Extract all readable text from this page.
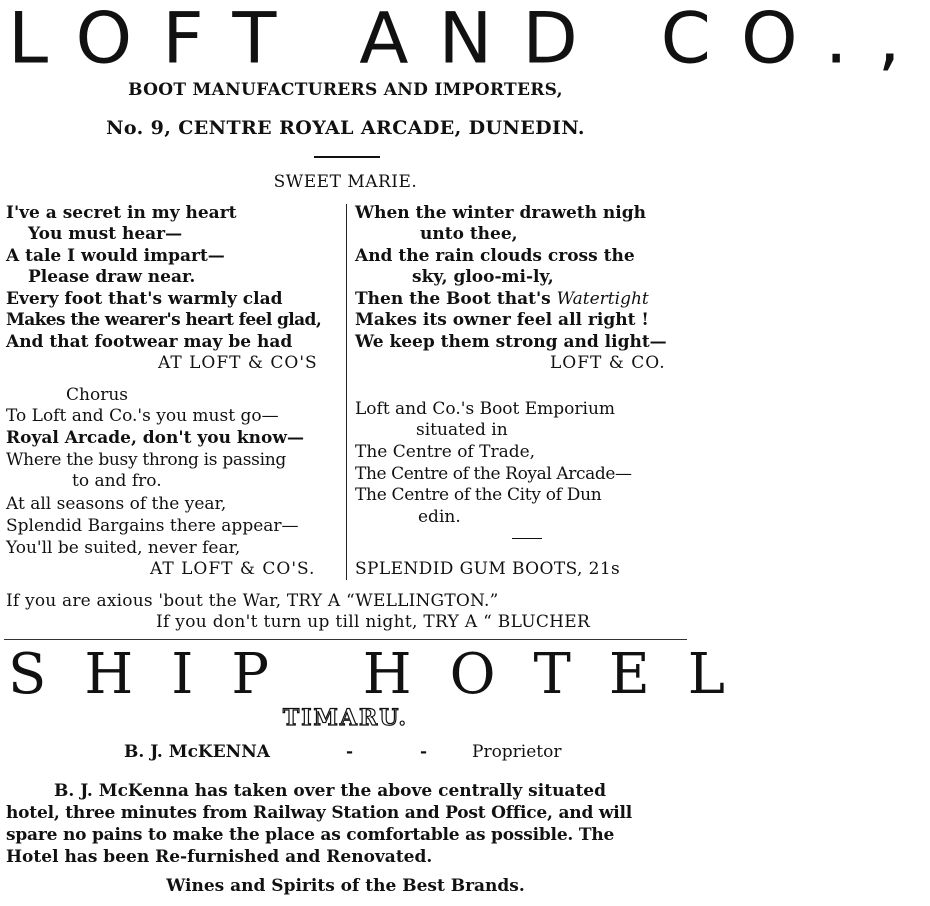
LOFT AND CO.,
BOOT MANUFACTURERS AND IMPORTERS,
No. 9, CENTRE ROYAL ARCADE, DUNEDIN.
SWEET MARIE.
I've a secret in my heart
You must hear—
A tale I would impart—
Please draw near.
Every foot that's warmly clad
Makes the wearer's heart feel glad,
And that footwear may be had
AT LOFT & CO'S
Chorus
To Loft and Co.'s you must go—
Royal Arcade, don't you know—
Where the busy throng is passing
to and fro.
At all seasons of the year,
Splendid Bargains there appear—
You'll be suited, never fear,
AT LOFT & CO'S.
When the winter draweth nigh
unto thee,
And the rain clouds cross the
sky, gloo-mi-ly,
Then the Boot that's Watertight
Makes its owner feel all right !
We keep them strong and light—
LOFT & CO.
Loft and Co.'s Boot Emporium
situated in
The Centre of Trade,
The Centre of the Royal Arcade—
The Centre of the City of Dun
edin.
SPLENDID GUM BOOTS, 21s
If you are axious 'bout the War, TRY A “WELLINGTON.”
If you don't turn up till night, TRY A “ BLUCHER
SHIP HOTEL
TIMARU.
B. J. McKENNA	-	-	Proprietor
B. J. McKenna has taken over the above centrally situated
hotel, three minutes from Railway Station and Post Office, and will
spare no pains to make the place as comfortable as possible. The
Hotel has been Re-furnished and Renovated.
Wines and Spirits of the Best Brands.
